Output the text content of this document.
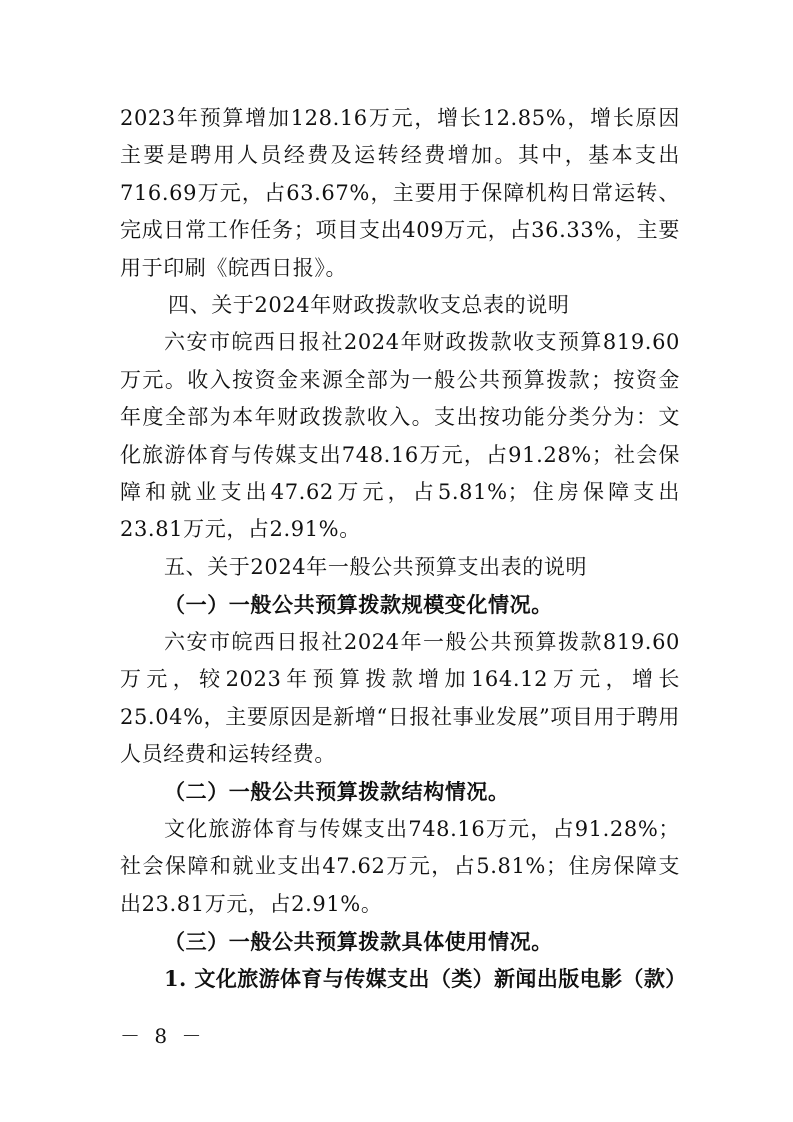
2023年预算增加128.16万元，增长12.85%，增长原因主要是聘用人员经费及运转经费增加。其中，基本支出716.69万元，占63.67%，主要用于保障机构日常运转、完成日常工作任务；项目支出409万元，占36.33%，主要用于印刷《皖西日报》。

四、关于2024年财政拨款收支总表的说明

六安市皖西日报社2024年财政拨款收支预算819.60万元。收入按资金来源全部为一般公共预算拨款；按资金年度全部为本年财政拨款收入。支出按功能分类分为：文化旅游体育与传媒支出748.16万元，占91.28%；社会保障和就业支出47.62万元，占5.81%；住房保障支出23.81万元，占2.91%。

五、关于2024年一般公共预算支出表的说明

（一）一般公共预算拨款规模变化情况。

六安市皖西日报社2024年一般公共预算拨款819.60万元，较2023年预算拨款增加164.12万元，增长25.04%，主要原因是新增“日报社事业发展”项目用于聘用人员经费和运转经费。

（二）一般公共预算拨款结构情况。

文化旅游体育与传媒支出748.16万元，占91.28%；社会保障和就业支出47.62万元，占5.81%；住房保障支出23.81万元，占2.91%。

（三）一般公共预算拨款具体使用情况。

1. 文化旅游体育与传媒支出（类）新闻出版电影（款）

－ 8 －
